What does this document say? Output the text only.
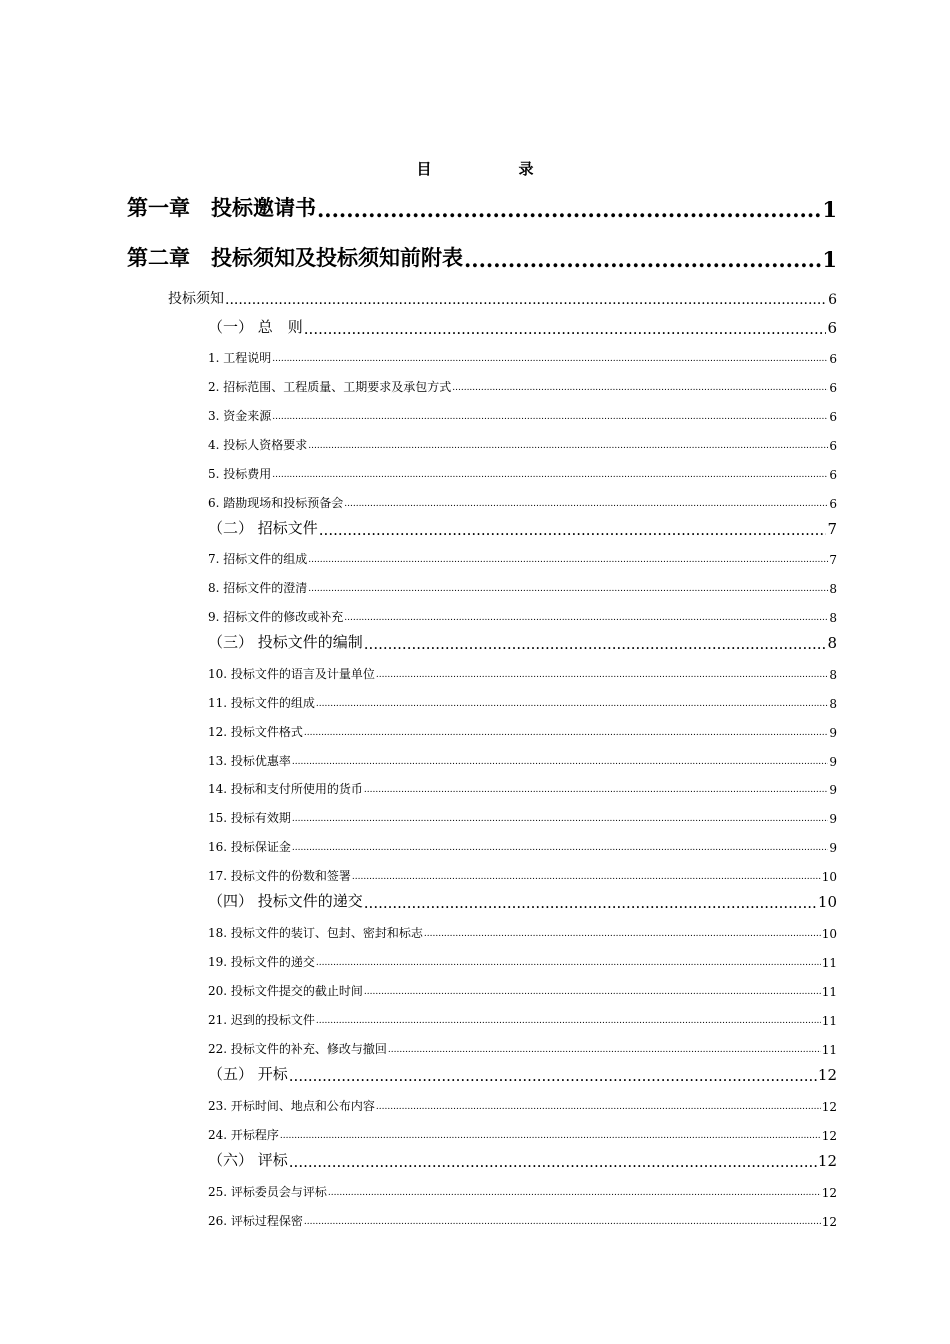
目　录
第一章　投标邀请书 .....	1
第二章　投标须知及投标须知前附表 .....	1
投标须知 .....	6
（一） 总　则 .....	6
1. 工程说明 .....	6
2. 招标范围、工程质量、工期要求及承包方式 .....	6
3. 资金来源 .....	6
4. 投标人资格要求 .....	6
5. 投标费用 .....	6
6. 踏勘现场和投标预备会 .....	6
（二） 招标文件 .....	7
7. 招标文件的组成 .....	7
8. 招标文件的澄清 .....	8
9. 招标文件的修改或补充 .....	8
（三） 投标文件的编制 .....	8
10. 投标文件的语言及计量单位 .....	8
11. 投标文件的组成 .....	8
12. 投标文件格式 .....	9
13. 投标优惠率 .....	9
14. 投标和支付所使用的货币 .....	9
15. 投标有效期 .....	9
16. 投标保证金 .....	9
17. 投标文件的份数和签署 .....	10
（四） 投标文件的递交 .....	10
18. 投标文件的装订、包封、密封和标志 .....	10
19. 投标文件的递交 .....	11
20. 投标文件提交的截止时间 .....	11
21. 迟到的投标文件 .....	11
22. 投标文件的补充、修改与撤回 .....	11
（五） 开标 .....	12
23. 开标时间、地点和公布内容 .....	12
24. 开标程序 .....	12
（六） 评标 .....	12
25. 评标委员会与评标 .....	12
26. 评标过程保密 .....	12
